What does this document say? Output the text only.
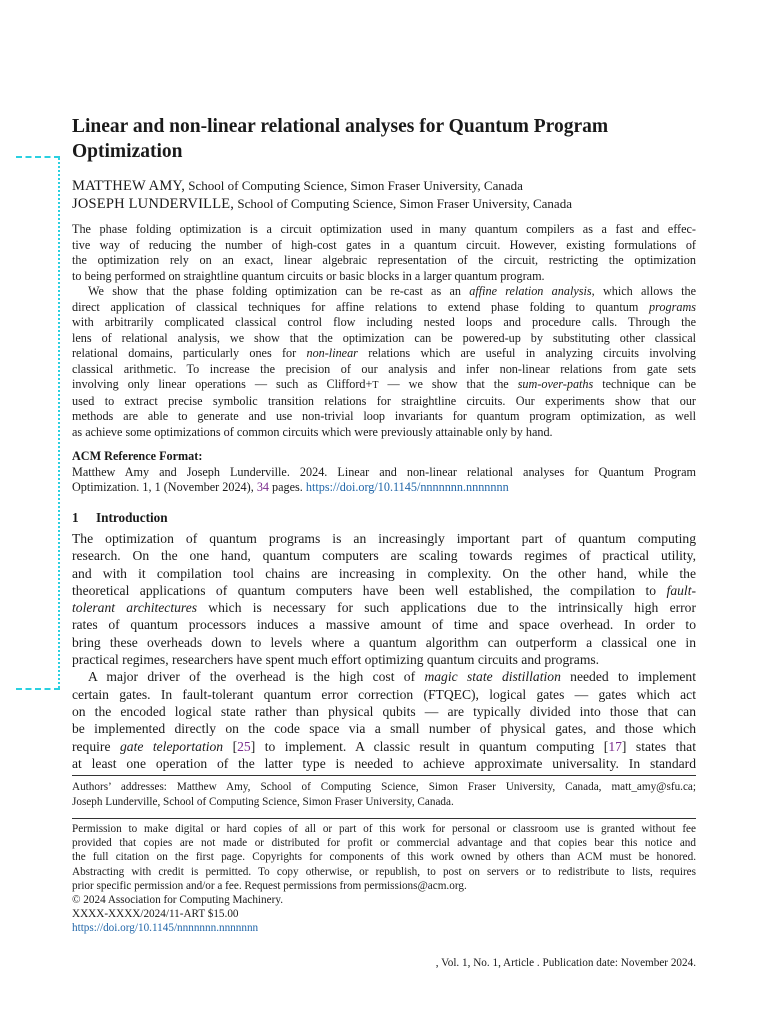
Linear and non-linear relational analyses for Quantum Program Optimization
MATTHEW AMY, School of Computing Science, Simon Fraser University, Canada
JOSEPH LUNDERVILLE, School of Computing Science, Simon Fraser University, Canada
The phase folding optimization is a circuit optimization used in many quantum compilers as a fast and effec-
tive way of reducing the number of high-cost gates in a quantum circuit. However, existing formulations of
the optimization rely on an exact, linear algebraic representation of the circuit, restricting the optimization
to being performed on straightline quantum circuits or basic blocks in a larger quantum program.
We show that the phase folding optimization can be re-cast as an affine relation analysis, which allows the
direct application of classical techniques for affine relations to extend phase folding to quantum programs
with arbitrarily complicated classical control flow including nested loops and procedure calls. Through the
lens of relational analysis, we show that the optimization can be powered-up by substituting other classical
relational domains, particularly ones for non-linear relations which are useful in analyzing circuits involving
classical arithmetic. To increase the precision of our analysis and infer non-linear relations from gate sets
involving only linear operations — such as Clifford+T — we show that the sum-over-paths technique can be
used to extract precise symbolic transition relations for straightline circuits. Our experiments show that our
methods are able to generate and use non-trivial loop invariants for quantum program optimization, as well
as achieve some optimizations of common circuits which were previously attainable only by hand.
ACM Reference Format:
Matthew Amy and Joseph Lunderville. 2024. Linear and non-linear relational analyses for Quantum Program
Optimization. 1, 1 (November 2024), 34 pages. https://doi.org/10.1145/nnnnnnn.nnnnnnn
1 Introduction
The optimization of quantum programs is an increasingly important part of quantum computing
research. On the one hand, quantum computers are scaling towards regimes of practical utility,
and with it compilation tool chains are increasing in complexity. On the other hand, while the
theoretical applications of quantum computers have been well established, the compilation to fault-
tolerant architectures which is necessary for such applications due to the intrinsically high error
rates of quantum processors induces a massive amount of time and space overhead. In order to
bring these overheads down to levels where a quantum algorithm can outperform a classical one in
practical regimes, researchers have spent much effort optimizing quantum circuits and programs.
A major driver of the overhead is the high cost of magic state distillation needed to implement
certain gates. In fault-tolerant quantum error correction (FTQEC), logical gates — gates which act
on the encoded logical state rather than physical qubits — are typically divided into those that can
be implemented directly on the code space via a small number of physical gates, and those which
require gate teleportation [25] to implement. A classic result in quantum computing [17] states that
at least one operation of the latter type is needed to achieve approximate universality. In standard
Authors’ addresses: Matthew Amy, School of Computing Science, Simon Fraser University, Canada, matt_amy@sfu.ca;
Joseph Lunderville, School of Computing Science, Simon Fraser University, Canada.
Permission to make digital or hard copies of all or part of this work for personal or classroom use is granted without fee
provided that copies are not made or distributed for profit or commercial advantage and that copies bear this notice and
the full citation on the first page. Copyrights for components of this work owned by others than ACM must be honored.
Abstracting with credit is permitted. To copy otherwise, or republish, to post on servers or to redistribute to lists, requires
prior specific permission and/or a fee. Request permissions from permissions@acm.org.
© 2024 Association for Computing Machinery.
XXXX-XXXX/2024/11-ART $15.00
https://doi.org/10.1145/nnnnnnn.nnnnnnn
, Vol. 1, No. 1, Article . Publication date: November 2024.
